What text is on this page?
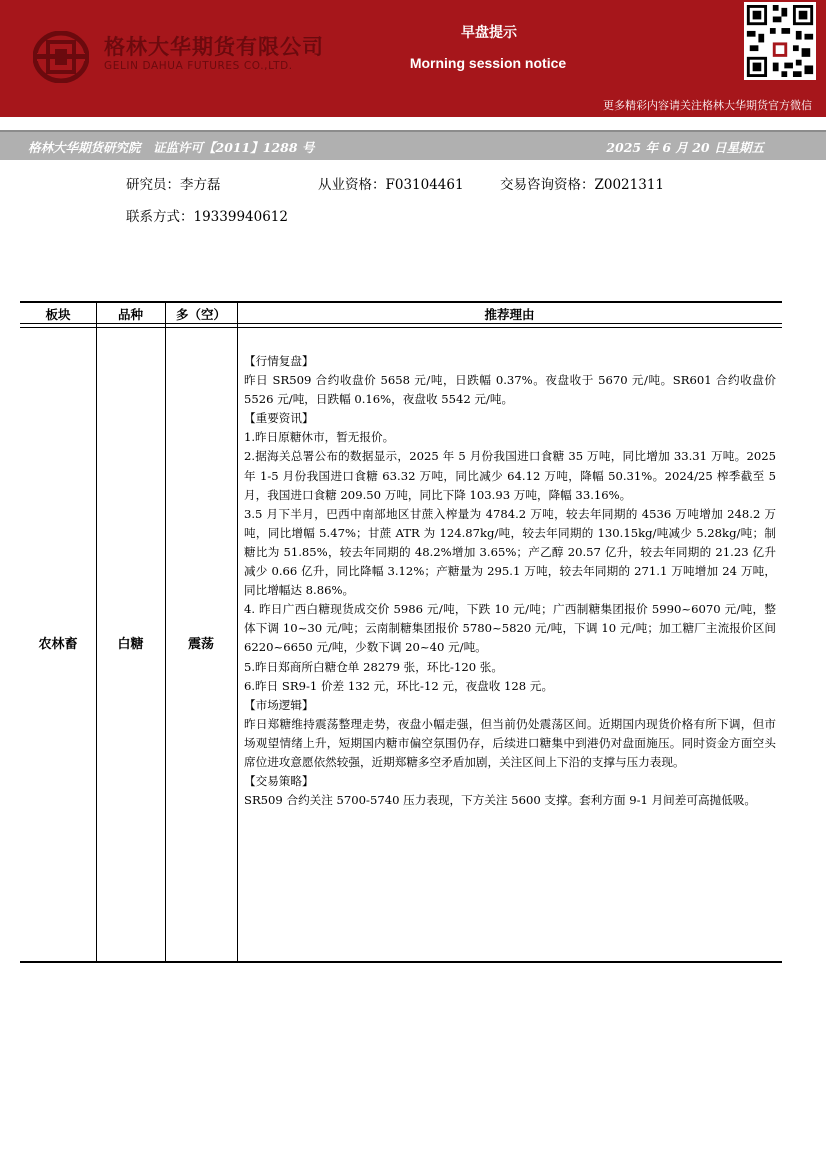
格林大华期货有限公司
GELIN DAHUA FUTURES CO.,LTD.
早盘提示
Morning session notice
更多精彩内容请关注格林大华期货官方微信
格林大华期货研究院　证监许可【2011】1288 号	2025 年 6 月 20 日星期五
研究员：李方磊	从业资格：F03104461	交易咨询资格：Z0021311
联系方式：19339940612
板块	品种	多（空）	推荐理由
农林畜	白糖	震荡

【行情复盘】

昨日 SR509 合约收盘价 5658 元/吨，日跌幅 0.37%。夜盘收于 5670 元/吨。SR601 合约收盘价 5526 元/吨，日跌幅 0.16%，夜盘收 5542 元/吨。

【重要资讯】

1.昨日原糖休市，暂无报价。

2.据海关总署公布的数据显示，2025 年 5 月份我国进口食糖 35 万吨，同比增加 33.31 万吨。2025 年 1-5 月份我国进口食糖 63.32 万吨，同比减少 64.12 万吨，降幅 50.31%。2024/25 榨季截至 5 月，我国进口食糖 209.50 万吨，同比下降 103.93 万吨，降幅 33.16%。

3.5 月下半月，巴西中南部地区甘蔗入榨量为 4784.2 万吨，较去年同期的 4536 万吨增加 248.2 万吨，同比增幅 5.47%；甘蔗 ATR 为 124.87kg/吨，较去年同期的 130.15kg/吨减少 5.28kg/吨；制糖比为 51.85%，较去年同期的 48.2%增加 3.65%；产乙醇 20.57 亿升，较去年同期的 21.23 亿升减少 0.66 亿升，同比降幅 3.12%；产糖量为 295.1 万吨，较去年同期的 271.1 万吨增加 24 万吨，同比增幅达 8.86%。

4. 昨日广西白糖现货成交价 5986 元/吨，下跌 10 元/吨；广西制糖集团报价 5990~6070 元/吨，整体下调 10~30 元/吨；云南制糖集团报价 5780~5820 元/吨，下调 10 元/吨；加工糖厂主流报价区间 6220~6650 元/吨，少数下调 20~40 元/吨。

5.昨日郑商所白糖仓单 28279 张，环比-120 张。

6.昨日 SR9-1 价差 132 元，环比-12 元，夜盘收 128 元。

【市场逻辑】

昨日郑糖维持震荡整理走势，夜盘小幅走强，但当前仍处震荡区间。近期国内现货价格有所下调，但市场观望情绪上升，短期国内糖市偏空氛围仍存，后续进口糖集中到港仍对盘面施压。同时资金方面空头席位进攻意愿依然较强，近期郑糖多空矛盾加剧，关注区间上下沿的支撑与压力表现。

【交易策略】

SR509 合约关注 5700-5740 压力表现，下方关注 5600 支撑。套利方面 9-1 月间差可高抛低吸。
